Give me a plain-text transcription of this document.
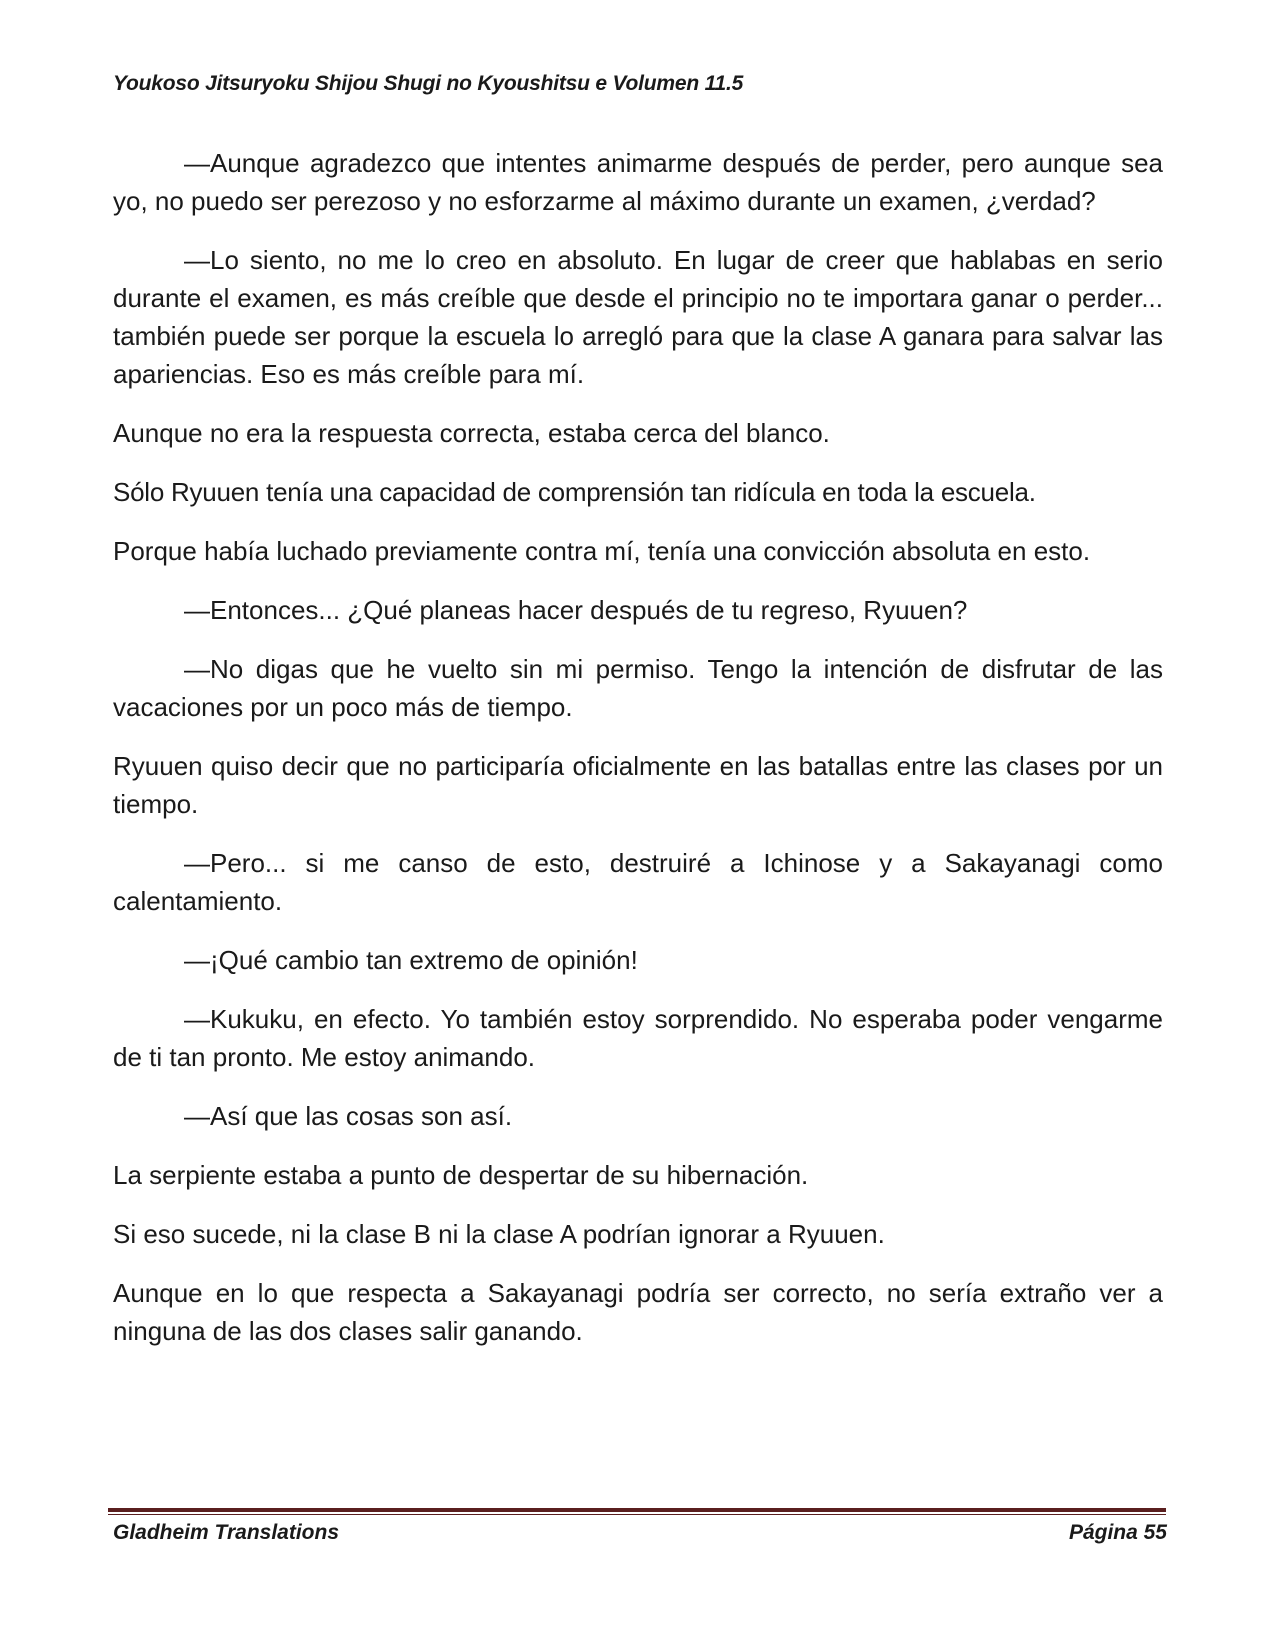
Youkoso Jitsuryoku Shijou Shugi no Kyoushitsu e Volumen 11.5

—Aunque agradezco que intentes animarme después de perder, pero aunque sea yo, no puedo ser perezoso y no esforzarme al máximo durante un examen, ¿verdad?

—Lo siento, no me lo creo en absoluto. En lugar de creer que hablabas en serio durante el examen, es más creíble que desde el principio no te importara ganar o perder... también puede ser porque la escuela lo arregló para que la clase A ganara para salvar las apariencias. Eso es más creíble para mí.

Aunque no era la respuesta correcta, estaba cerca del blanco.

Sólo Ryuuen tenía una capacidad de comprensión tan ridícula en toda la escuela.

Porque había luchado previamente contra mí, tenía una convicción absoluta en esto.

—Entonces... ¿Qué planeas hacer después de tu regreso, Ryuuen?

—No digas que he vuelto sin mi permiso. Tengo la intención de disfrutar de las vacaciones por un poco más de tiempo.

Ryuuen quiso decir que no participaría oficialmente en las batallas entre las clases por un tiempo.

—Pero... si me canso de esto, destruiré a Ichinose y a Sakayanagi como calentamiento.

—¡Qué cambio tan extremo de opinión!

—Kukuku, en efecto. Yo también estoy sorprendido. No esperaba poder vengarme de ti tan pronto. Me estoy animando.

—Así que las cosas son así.

La serpiente estaba a punto de despertar de su hibernación.

Si eso sucede, ni la clase B ni la clase A podrían ignorar a Ryuuen.

Aunque en lo que respecta a Sakayanagi podría ser correcto, no sería extraño ver a ninguna de las dos clases salir ganando.

Gladheim Translations	Página 55
